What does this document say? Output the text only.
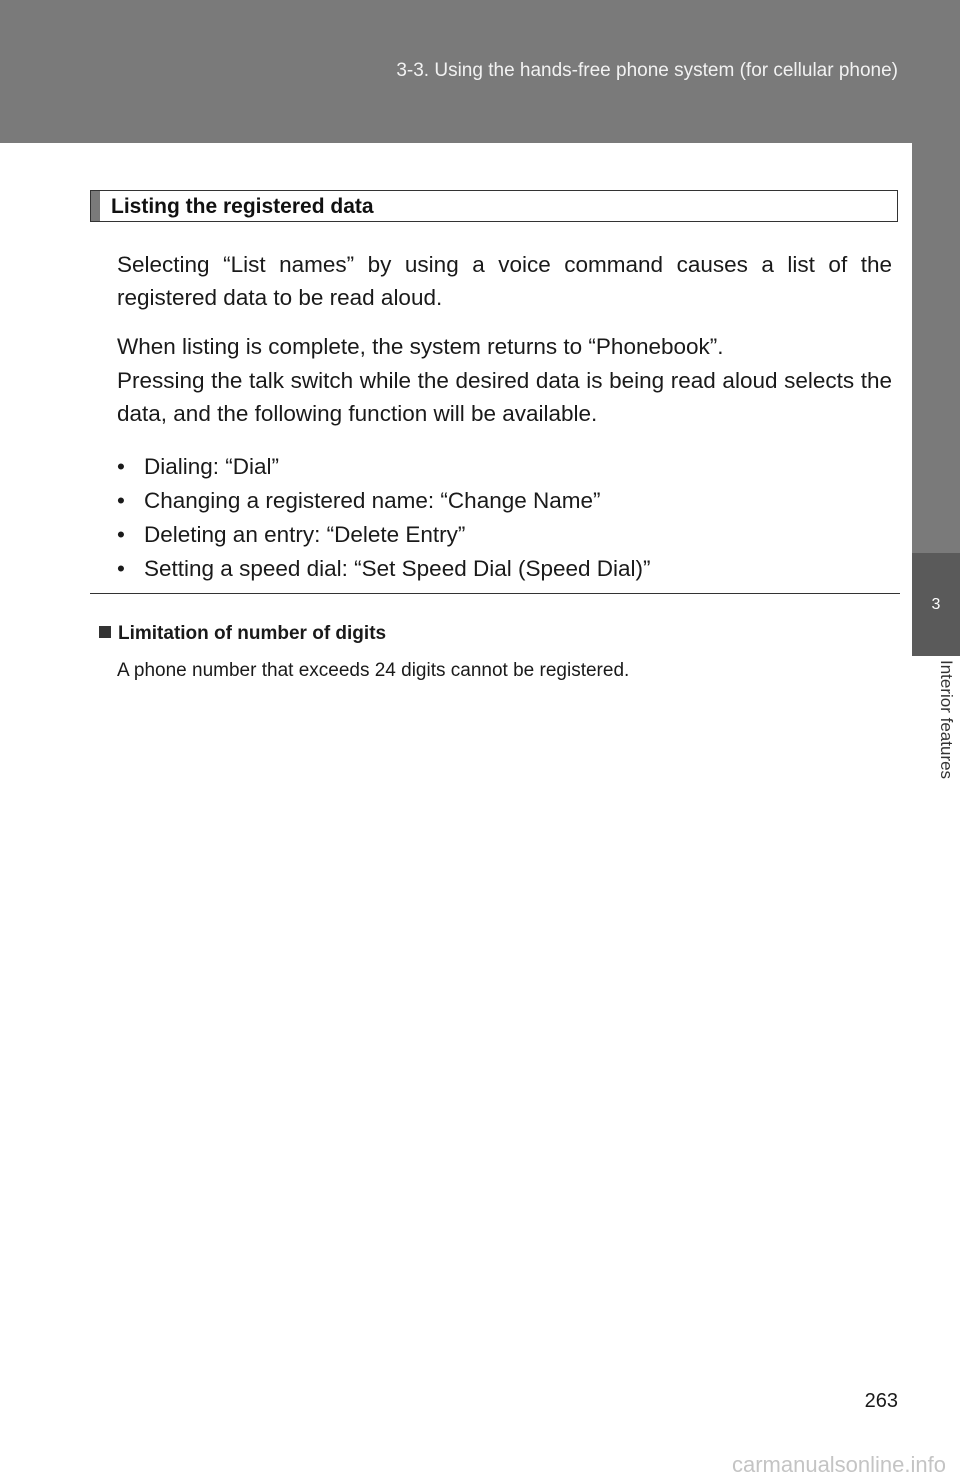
3-3. Using the hands-free phone system (for cellular phone)
3
Interior features
Listing the registered data

Selecting “List names” by using a voice command causes a list of the registered data to be read aloud.

When listing is complete, the system returns to “Phonebook”.

Pressing the talk switch while the desired data is being read aloud selects the data, and the following function will be available.

• Dialing: “Dial”
• Changing a registered name: “Change Name”
• Deleting an entry: “Delete Entry”
• Setting a speed dial: “Set Speed Dial (Speed Dial)”
Limitation of number of digits
A phone number that exceeds 24 digits cannot be registered.
263
carmanualsonline.info
